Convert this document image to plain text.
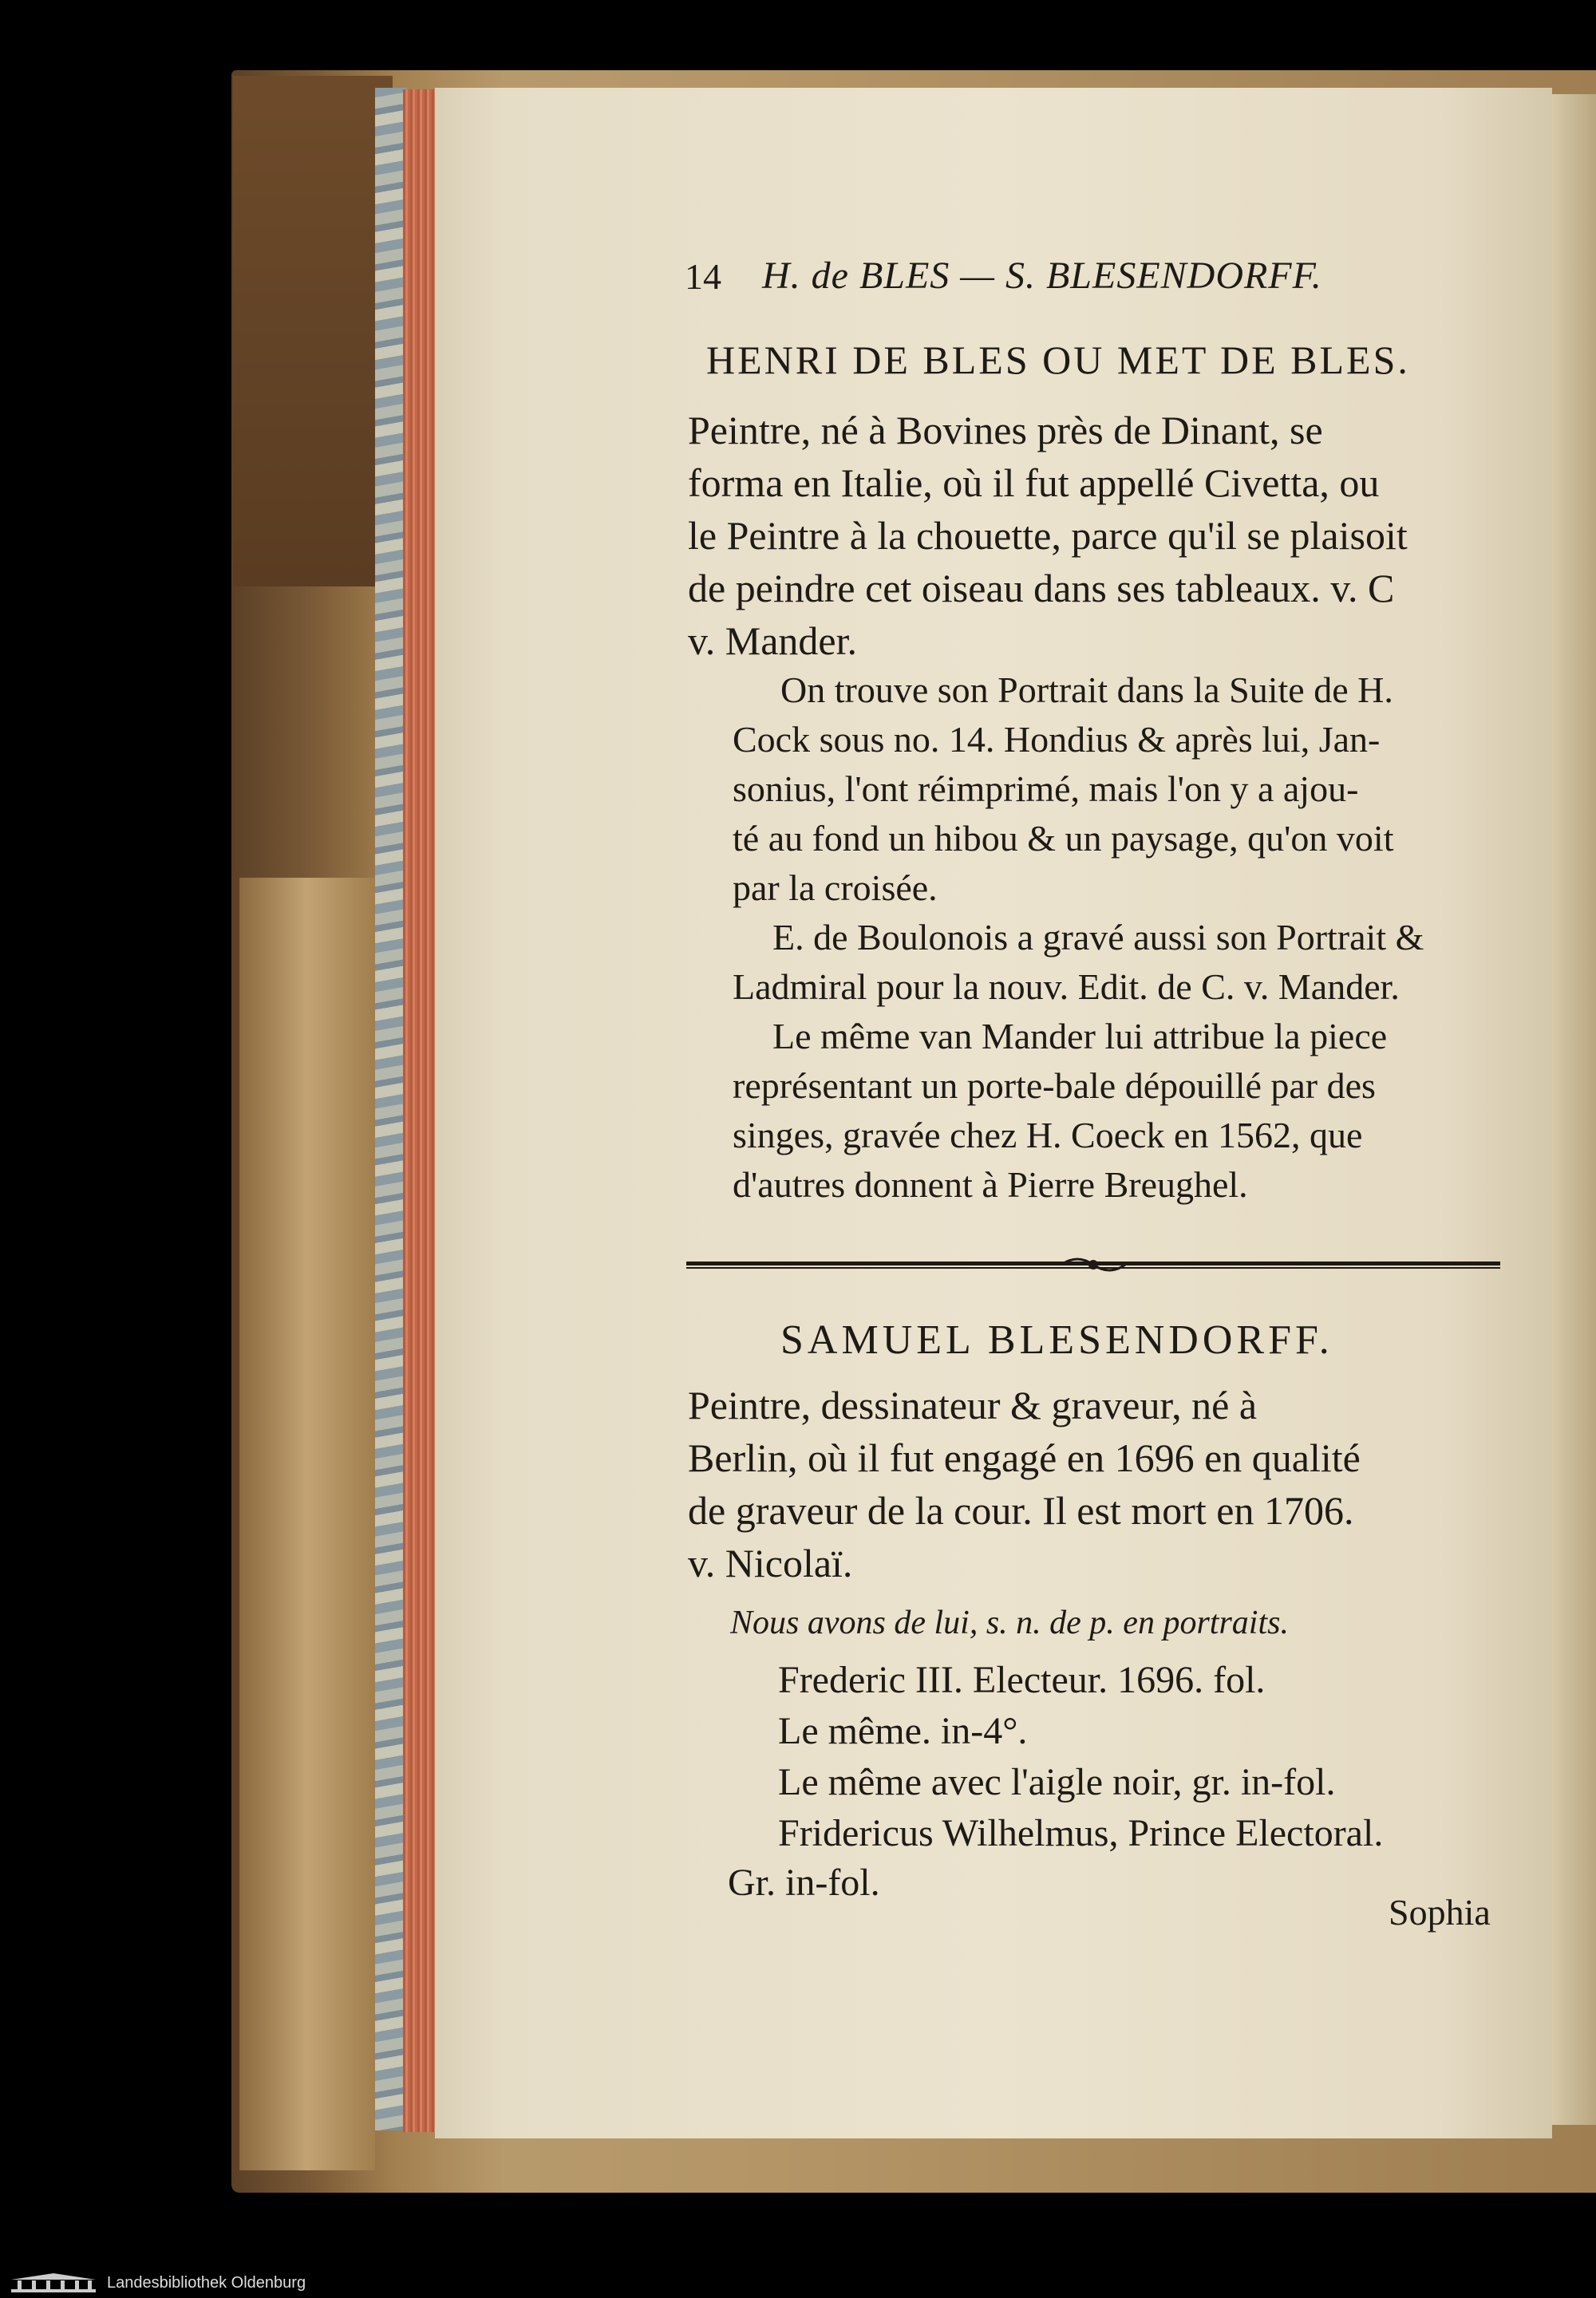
14 H. de BLES — S. BLESENDORFF.
HENRI DE BLES OU MET DE BLES.
Peintre, né à Bovines près de Dinant, se
forma en Italie, où il fut appellé Civetta, ou
le Peintre à la chouette, parce qu'il se plaisoit
de peindre cet oiseau dans ses tableaux. v. C
v. Mander.
On trouve son Portrait dans la Suite de H.
Cock sous no. 14. Hondius & après lui, Jan-
sonius, l'ont réimprimé, mais l'on y a ajou-
té au fond un hibou & un paysage, qu'on voit
par la croisée.
E. de Boulonois a gravé aussi son Portrait &
Ladmiral pour la nouv. Edit. de C. v. Mander.
Le même van Mander lui attribue la piece
représentant un porte-bale dépouillé par des
singes, gravée chez H. Coeck en 1562, que
d'autres donnent à Pierre Breughel.
SAMUEL BLESENDORFF.
Peintre, dessinateur & graveur, né à
Berlin, où il fut engagé en 1696 en qualité
de graveur de la cour. Il est mort en 1706.
v. Nicolaï.
Nous avons de lui, s. n. de p. en portraits.
Frederic III. Electeur. 1696. fol.
Le même. in-4°.
Le même avec l'aigle noir, gr. in-fol.
Fridericus Wilhelmus, Prince Electoral.
Gr. in-fol.
Sophia
Landesbibliothek Oldenburg
